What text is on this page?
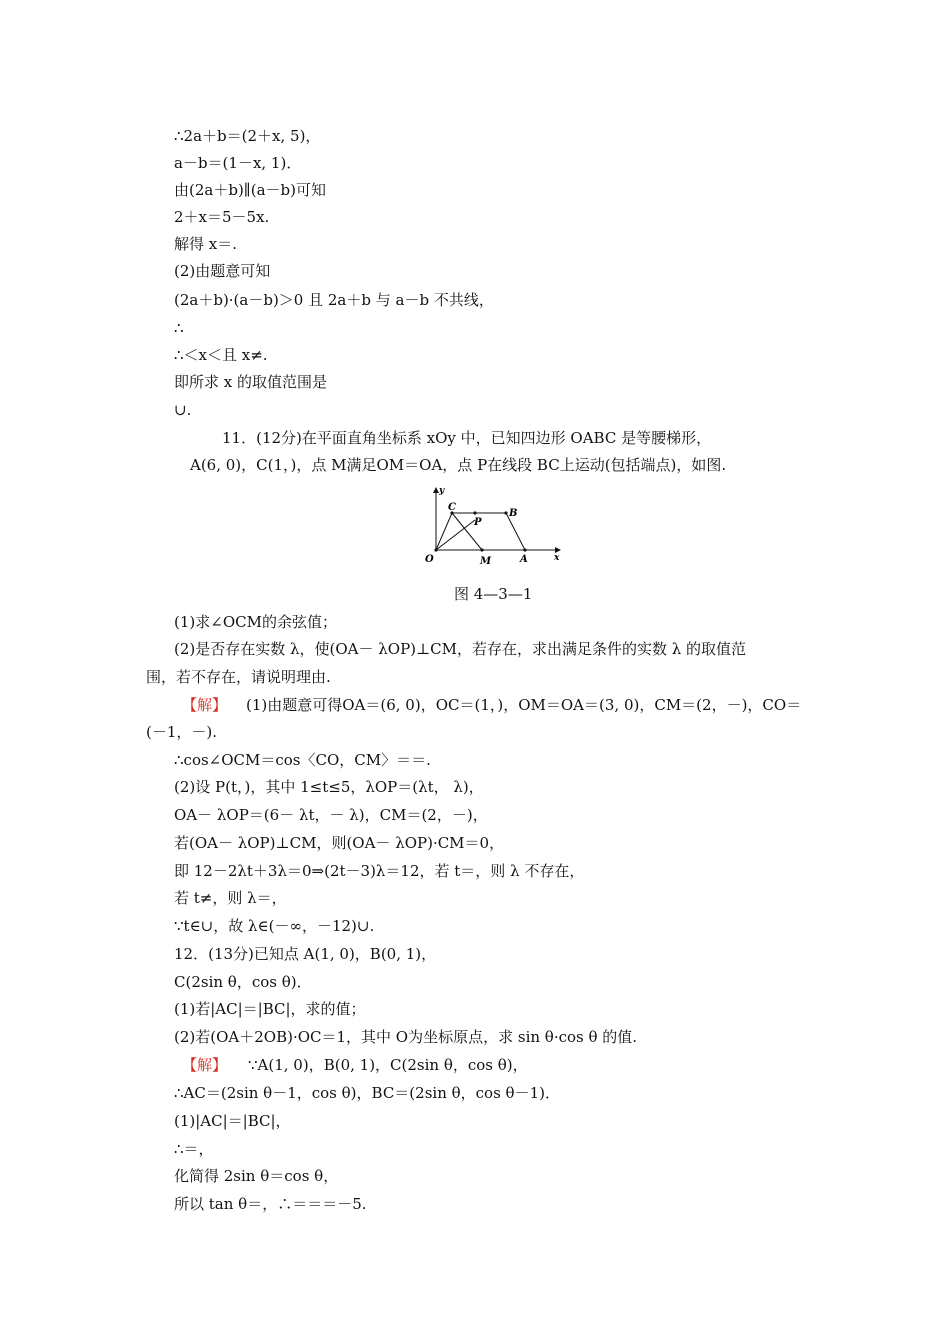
∴2a＋b＝(2＋x, 5)，
a－b＝(1－x, 1)．
由(2a＋b)∥(a－b)可知
2＋x＝5－5x.
解得 x＝.
(2)由题意可知
(2a＋b)·(a－b)＞0 且 2a＋b 与 a－b 不共线，
∴
∴＜x＜且 x≠.
即所求 x 的取值范围是
∪.
11．(12分)在平面直角坐标系 xOy 中，已知四边形 OABC 是等腰梯形，
A(6, 0)，C(1，)，点 M满足OM＝OA，点 P在线段 BC上运动(包括端点)，如图.
y
x
O
C
P
B
M	A
图 4—3—1
(1)求∠OCM的余弦值；
(2)是否存在实数 λ，使(OA－ λOP)⊥CM，若存在，求出满足条件的实数 λ 的取值范
围，若不存在，请说明理由.
【解】 (1)由题意可得OA＝(6, 0)，OC＝(1，)，OM＝OA＝(3, 0)，CM＝(2，－)，CO＝
(－1，－).
∴cos∠OCM＝cos〈CO，CM〉＝＝.
(2)设 P(t，)，其中 1≤t≤5，λOP＝(λt， λ)，
OA－ λOP＝(6－ λt，－ λ)，CM＝(2，－)，
若(OA－ λOP)⊥CM，则(OA－ λOP)·CM＝0，
即 12－2λt＋3λ＝0⇒(2t－3)λ＝12，若 t＝，则 λ 不存在，
若 t≠，则 λ＝，
∵t∈∪，故 λ∈(－∞，－12)∪.
12．(13分)已知点 A(1, 0)，B(0, 1)，
C(2sin θ，cos θ)．
(1)若|AC|＝|BC|，求的值；
(2)若(OA＋2OB)·OC＝1，其中 O为坐标原点，求 sin θ·cos θ 的值.
【解】 ∵A(1, 0)，B(0, 1)，C(2sin θ，cos θ)，
∴AC＝(2sin θ－1，cos θ)，BC＝(2sin θ，cos θ－1)．
(1)|AC|＝|BC|，
∴＝，
化简得 2sin θ＝cos θ，
所以 tan θ＝，∴＝＝＝－5.
